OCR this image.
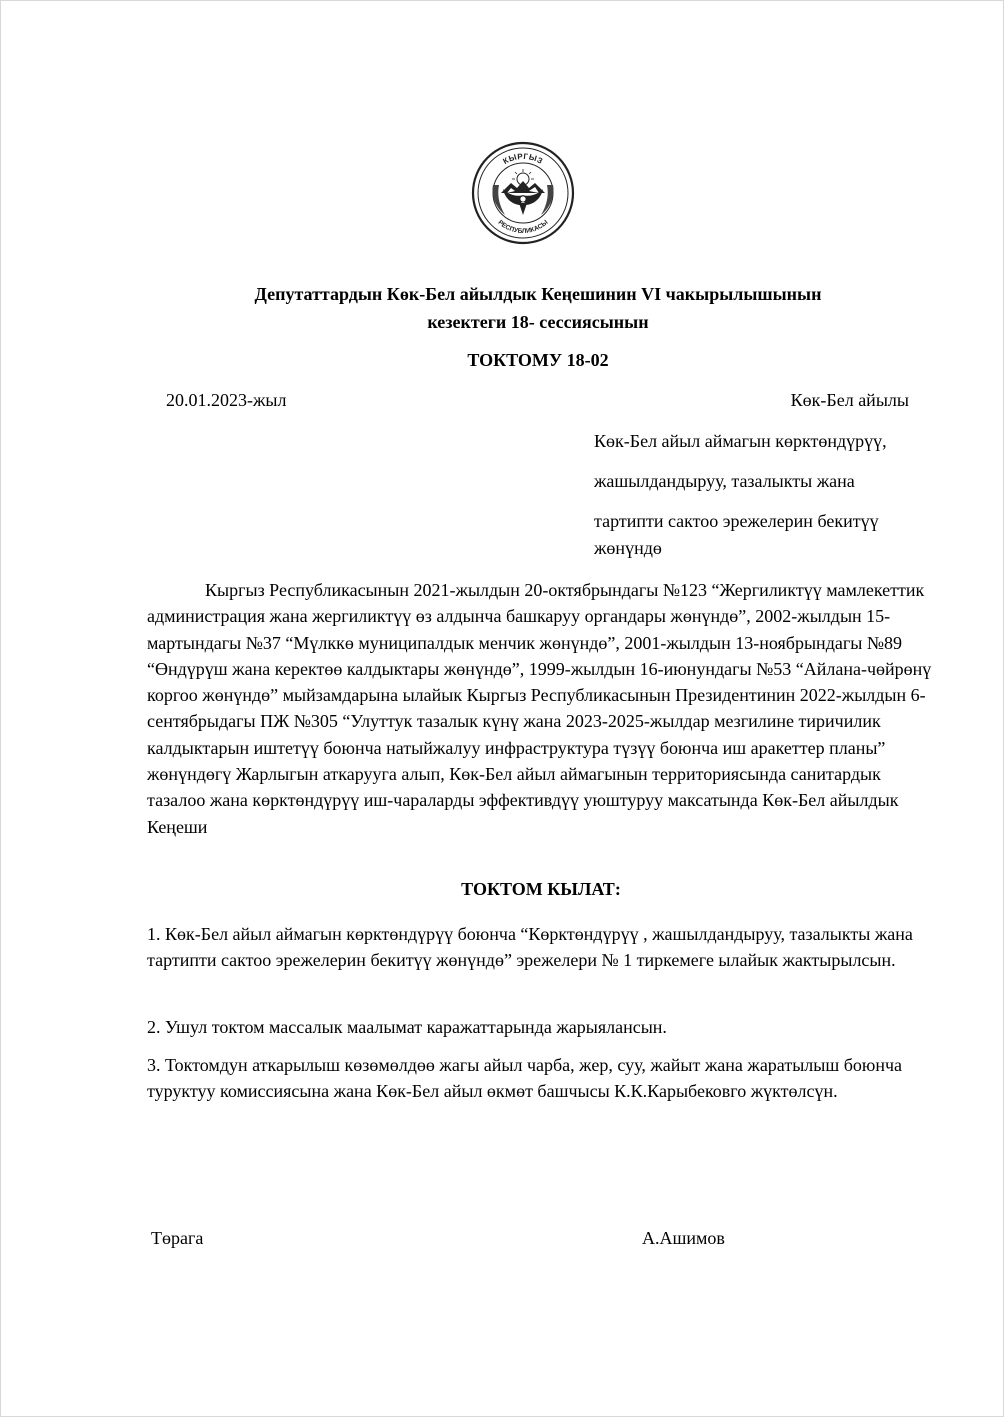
КЫРГЫЗ
РЕСПУБЛИКАСЫ
Депутаттардын Көк-Бел айылдык Кеңешинин VI чакырылышынын
кезектеги 18- сессиясынын
ТОКТОМУ 18-02
20.01.2023-жыл	Көк-Бел айылы
Көк-Бел айыл аймагын көрктөндүрүү,
жашылдандыруу, тазалыкты жана
тартипти сактоо эрежелерин бекитүү
жөнүндө
Кыргыз Республикасынын 2021-жылдын 20-октябрындагы №123 “Жергиликтүү мамлекеттик администрация жана жергиликтүү өз алдынча башкаруу органдары жөнүндө”, 2002-жылдын 15-мартындагы №37 “Мүлккө муниципалдык менчик жөнүндө”, 2001-жылдын 13-ноябрындагы №89 “Өндүрүш жана керектөө калдыктары жөнүндө”, 1999-жылдын 16-июнундагы №53 “Айлана-чөйрөнү коргоо жөнүндө” мыйзамдарына ылайык Кыргыз Республикасынын Президентинин 2022-жылдын 6- сентябрыдагы ПЖ №305 “Улуттук тазалык күнү жана 2023-2025-жылдар мезгилине тиричилик калдыктарын иштетүү боюнча натыйжалуу инфраструктура түзүү боюнча иш аракеттер планы” жөнүндөгү Жарлыгын аткарууга алып, Көк-Бел айыл аймагынын территориясында санитардык тазалоо жана көрктөндүрүү иш-чараларды эффективдүү уюштуруу максатында Көк-Бел айылдык Кеңеши
ТОКТОМ КЫЛАТ:
1. Көк-Бел айыл аймагын көрктөндүрүү боюнча “Көрктөндүрүү , жашылдандыруу, тазалыкты жана тартипти сактоо эрежелерин бекитүү жөнүндө” эрежелери № 1 тиркемеге ылайык жактырылсын.
2. Ушул токтом массалык маалымат каражаттарында жарыялансын.
3. Токтомдун аткарылыш көзөмөлдөө жагы айыл чарба, жер, суу, жайыт жана жаратылыш боюнча туруктуу комиссиясына жана Көк-Бел айыл өкмөт башчысы К.К.Карыбековго жүктөлсүн.
Төрага	А.Ашимов
